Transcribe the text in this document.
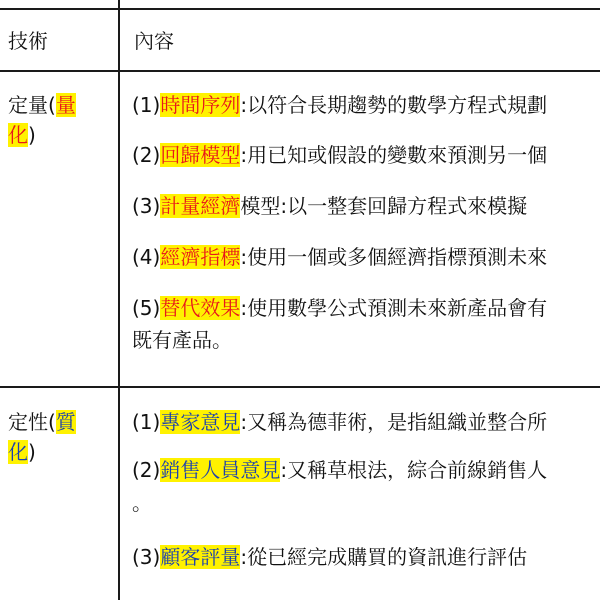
技術	內容
定量(量
化)
(1)時間序列:以符合長期趨勢的數學方程式規劃
(2)回歸模型:用已知或假設的變數來預測另一個
(3)計量經濟模型:以一整套回歸方程式來模擬
(4)經濟指標:使用一個或多個經濟指標預測未來
(5)替代效果:使用數學公式預測未來新產品會有
既有產品。
定性(質
化)
(1)專家意見:又稱為德菲術，是指組織並整合所
(2)銷售人員意見:又稱草根法，綜合前線銷售人
。
(3)顧客評量:從已經完成購買的資訊進行評估
